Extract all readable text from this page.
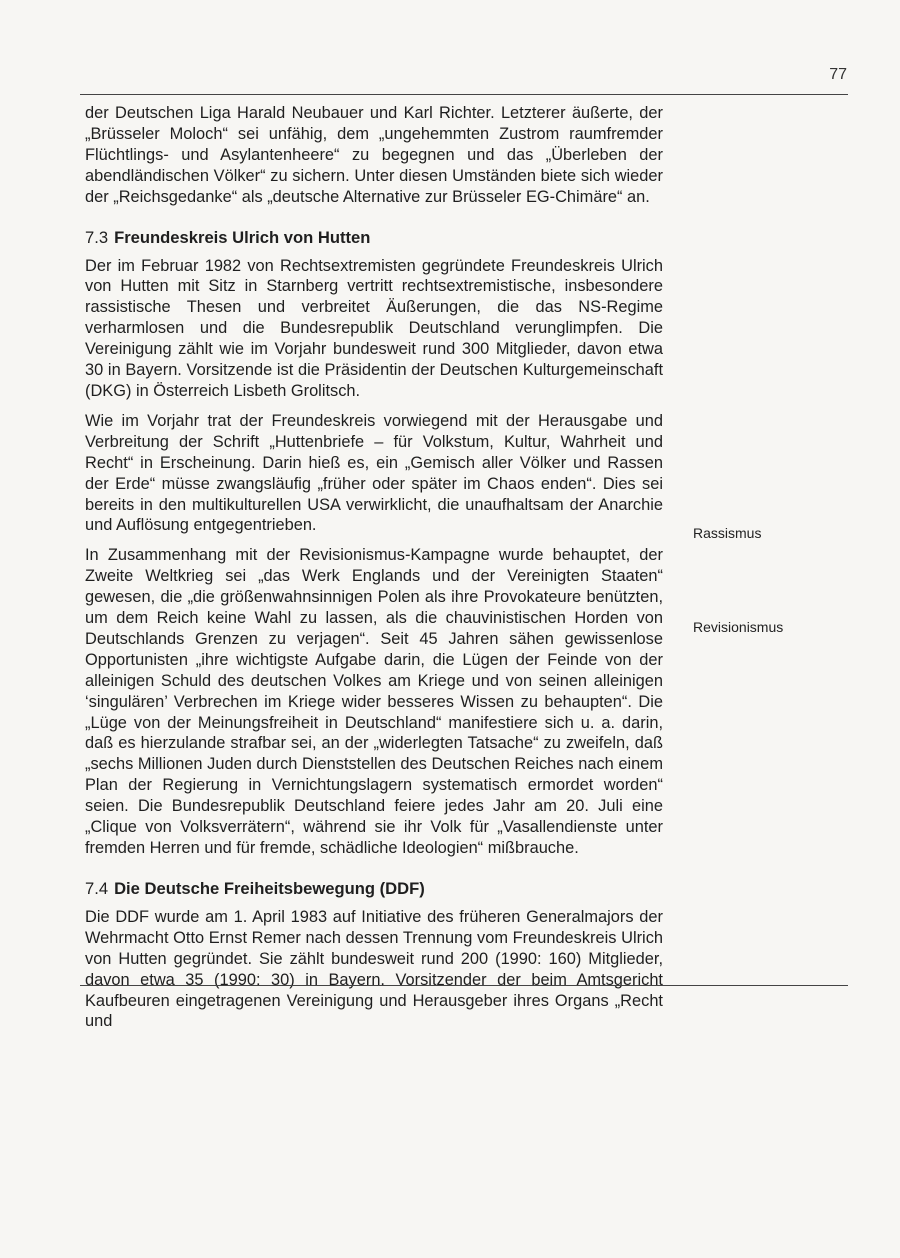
77

der Deutschen Liga Harald Neubauer und Karl Richter. Letzterer äußerte, der „Brüsseler Moloch“ sei unfähig, dem „ungehemmten Zustrom raumfremder Flüchtlings- und Asylantenheere“ zu begegnen und das „Überleben der abendländischen Völker“ zu sichern. Unter diesen Umständen biete sich wieder der „Reichsgedanke“ als „deutsche Alternative zur Brüsseler EG-Chimäre“ an.

7.3 Freundeskreis Ulrich von Hutten

Der im Februar 1982 von Rechtsextremisten gegründete Freundeskreis Ulrich von Hutten mit Sitz in Starnberg vertritt rechtsextremistische, insbesondere rassistische Thesen und verbreitet Äußerungen, die das NS-Regime verharmlosen und die Bundesrepublik Deutschland verunglimpfen. Die Vereinigung zählt wie im Vorjahr bundesweit rund 300 Mitglieder, davon etwa 30 in Bayern. Vorsitzende ist die Präsidentin der Deutschen Kulturgemeinschaft (DKG) in Österreich Lisbeth Grolitsch.

Wie im Vorjahr trat der Freundeskreis vorwiegend mit der Herausgabe und Verbreitung der Schrift „Huttenbriefe – für Volkstum, Kultur, Wahrheit und Recht“ in Erscheinung. Darin hieß es, ein „Gemisch aller Völker und Rassen der Erde“ müsse zwangsläufig „früher oder später im Chaos enden“. Dies sei bereits in den multikulturellen USA verwirklicht, die unaufhaltsam der Anarchie und Auflösung entgegentrieben.

In Zusammenhang mit der Revisionismus-Kampagne wurde behauptet, der Zweite Weltkrieg sei „das Werk Englands und der Vereinigten Staaten“ gewesen, die „die größenwahnsinnigen Polen als ihre Provokateure benützten, um dem Reich keine Wahl zu lassen, als die chauvinistischen Horden von Deutschlands Grenzen zu verjagen“. Seit 45 Jahren sähen gewissenlose Opportunisten „ihre wichtigste Aufgabe darin, die Lügen der Feinde von der alleinigen Schuld des deutschen Volkes am Kriege und von seinen alleinigen ‘singulären’ Verbrechen im Kriege wider besseres Wissen zu behaupten“. Die „Lüge von der Meinungsfreiheit in Deutschland“ manifestiere sich u. a. darin, daß es hierzulande strafbar sei, an der „widerlegten Tatsache“ zu zweifeln, daß „sechs Millionen Juden durch Dienststellen des Deutschen Reiches nach einem Plan der Regierung in Vernichtungslagern systematisch ermordet worden“ seien. Die Bundesrepublik Deutschland feiere jedes Jahr am 20. Juli eine „Clique von Volksverrätern“, während sie ihr Volk für „Vasallendienste unter fremden Herren und für fremde, schädliche Ideologien“ mißbrauche.

7.4 Die Deutsche Freiheitsbewegung (DDF)

Die DDF wurde am 1. April 1983 auf Initiative des früheren Generalmajors der Wehrmacht Otto Ernst Remer nach dessen Trennung vom Freundeskreis Ulrich von Hutten gegründet. Sie zählt bundesweit rund 200 (1990: 160) Mitglieder, davon etwa 35 (1990: 30) in Bayern. Vorsitzender der beim Amtsgericht Kaufbeuren eingetragenen Vereinigung und Herausgeber ihres Organs „Recht und

Rassismus
Revisionismus
